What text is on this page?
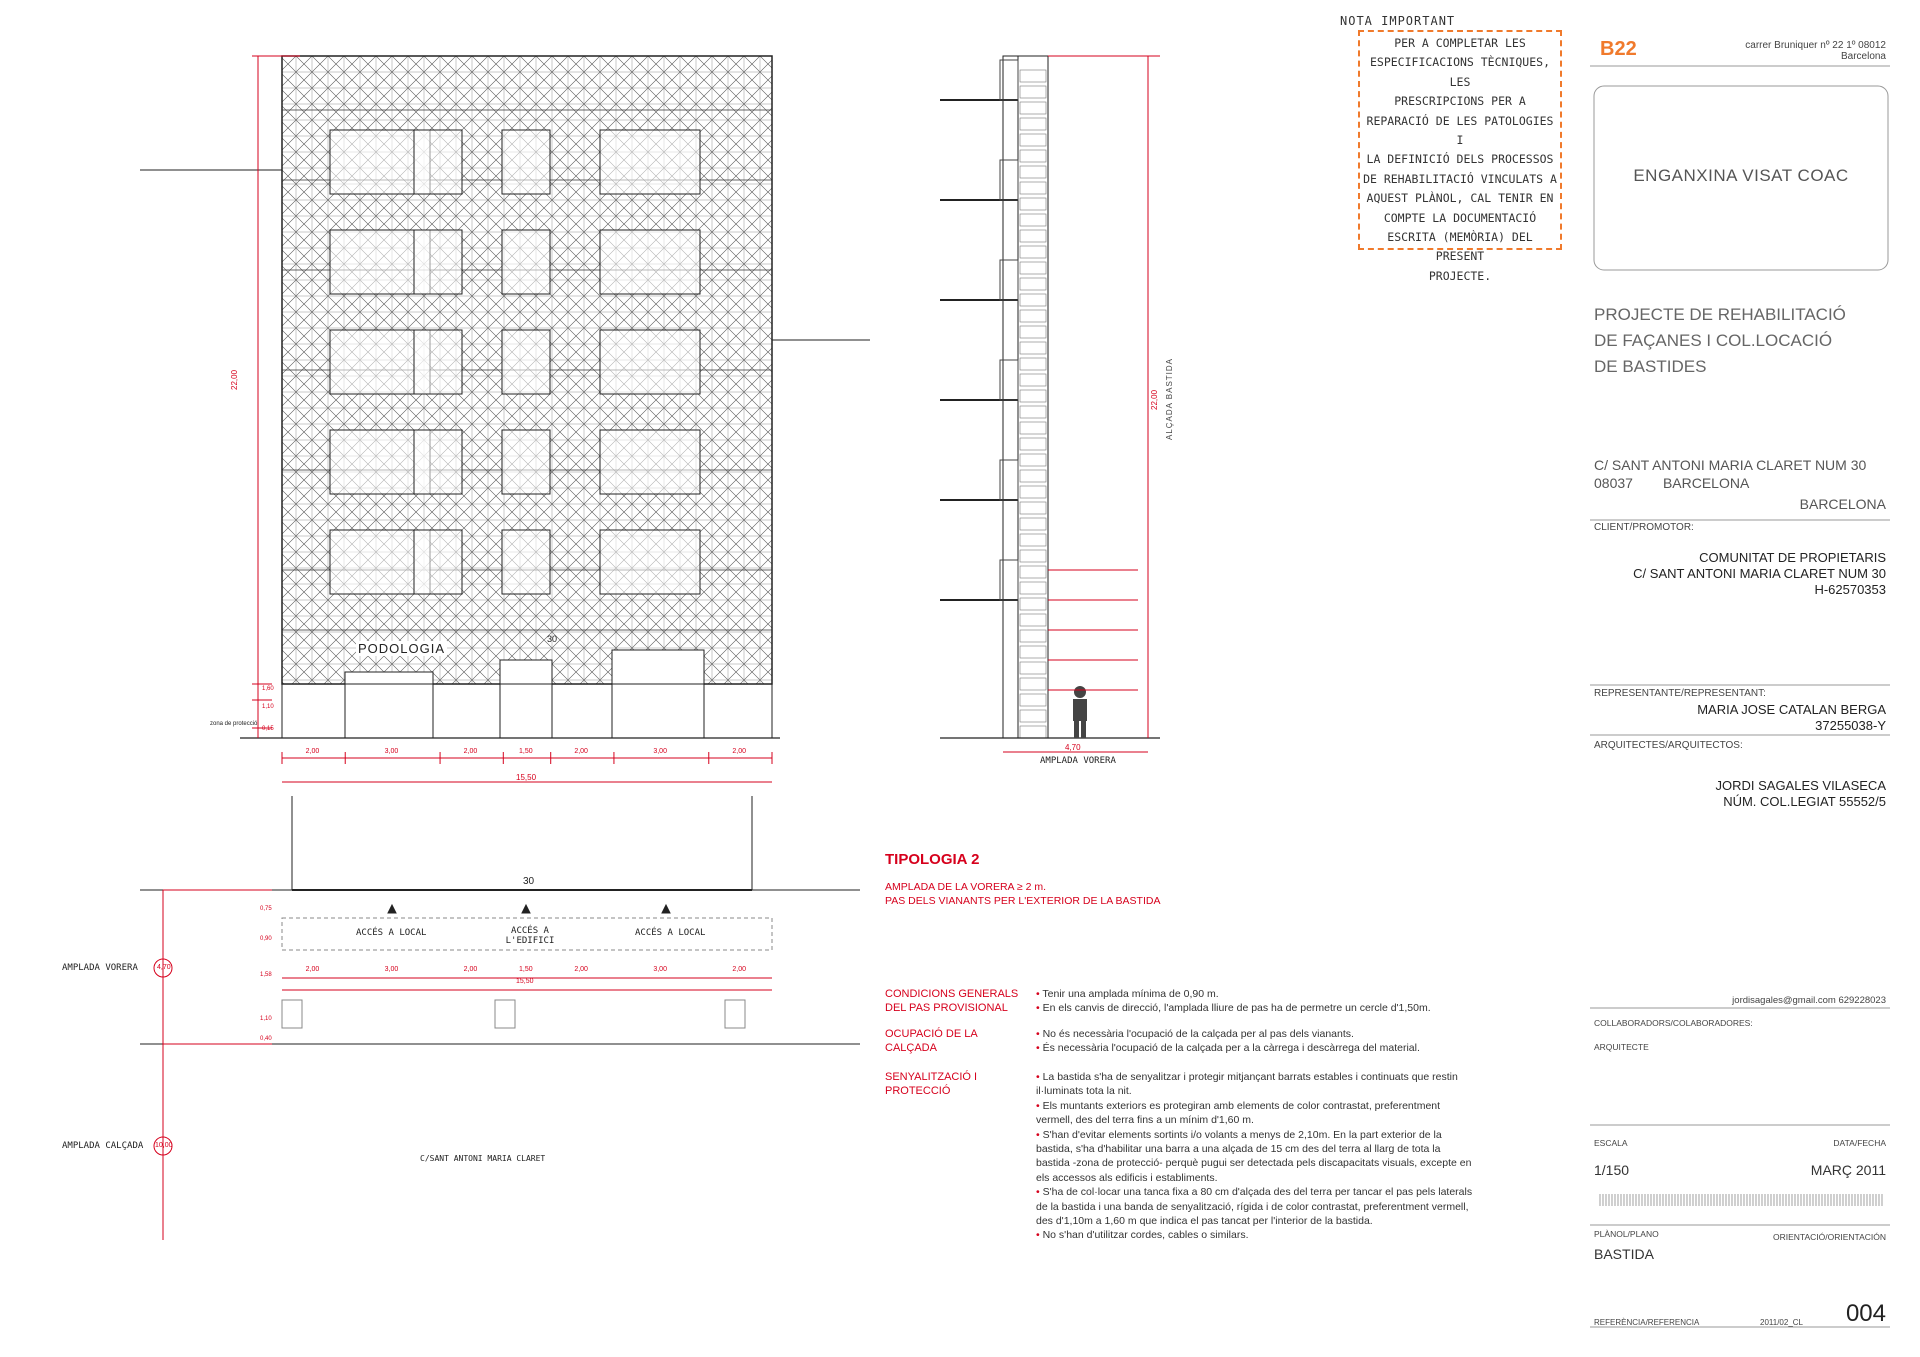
NOTA IMPORTANT
PER A COMPLETAR LES
ESPECIFICACIONS TÈCNIQUES, LES
PRESCRIPCIONS PER A
REPARACIÓ DE LES PATOLOGIES I
LA DEFINICIÓ DELS PROCESSOS
DE REHABILITACIÓ VINCULATS A
AQUEST PLÀNOL, CAL TENIR EN
COMPTE LA DOCUMENTACIÓ
ESCRITA (MEMÒRIA) DEL PRESENT
PROJECTE.
B22	carrer Bruniquer nº 22 1º 08012
Barcelona
ENGANXINA VISAT COAC
PROJECTE DE REHABILITACIÓ
DE FAÇANES I COL.LOCACIÓ
DE BASTIDES
C/ SANT ANTONI MARIA CLARET NUM 30
08037 BARCELONA
BARCELONA
CLIENT/PROMOTOR:
COMUNITAT DE PROPIETARIS
C/ SANT ANTONI MARIA CLARET NUM 30
H-62570353
REPRESENTANTE/REPRESENTANT:
MARIA JOSE CATALAN BERGA
37255038-Y
ARQUITECTES/ARQUITECTOS:
JORDI SAGALES VILASECA
NÚM. COL.LEGIAT 55552/5
jordisagales@gmail.com 629228023
COLLABORADORS/COLABORADORES:
ARQUITECTE
ESCALA	DATA/FECHA
1/150	MARÇ 2011
PLÀNOL/PLANO	ORIENTACIÓ/ORIENTACIÓN
BASTIDA
REFERÈNCIA/REFERENCIA	2011/02_CL 004
22,00
PODOLOGIA
30
zona de protecció
1,60
1,10
0,15
2,00	3,00	2,00	1,50	2,00	3,00	2,00
15,50
22,00 ALÇADA BASTIDA
4,70
AMPLADA VORERA
30
ACCÉS A LOCAL	ACCÉS A L'EDIFICI
ACCÉS A LOCAL
2,00	3,00	2,00	1,50	2,00	3,00	2,00
15,50
0,75
0,90
1,58
1,10
0,40
AMPLADA VORERA	4,70
AMPLADA CALÇADA 10,00
C/SANT ANTONI MARIA CLARET
TIPOLOGIA 2
AMPLADA DE LA VORERA ≥ 2 m.
PAS DELS VIANANTS PER L'EXTERIOR DE LA BASTIDA
CONDICIONS GENERALS DEL PAS PROVISIONAL
• Tenir una amplada mínima de 0,90 m.
• En els canvis de direcció, l'amplada lliure de pas ha de permetre un cercle d'1,50m.
OCUPACIÓ DE LA CALÇADA
• No és necessària l'ocupació de la calçada per al pas dels vianants.
• És necessària l'ocupació de la calçada per a la càrrega i descàrrega del material.
SENYALITZACIÓ I PROTECCIÓ
• La bastida s'ha de senyalitzar i protegir mitjançant barrats estables i continuats que restin il·luminats tota la nit.
• Els muntants exteriors es protegiran amb elements de color contrastat, preferentment vermell, des del terra fins a un mínim d'1,60 m.
• S'han d'evitar elements sortints i/o volants a menys de 2,10m. En la part exterior de la bastida, s'ha d'habilitar una barra a una alçada de 15 cm des del terra al llarg de tota la bastida -zona de protecció- perquè pugui ser detectada pels discapacitats visuals, excepte en els accessos als edificis i establiments.
• S'ha de col·locar una tanca fixa a 80 cm d'alçada des del terra per tancar el pas pels laterals de la bastida i una banda de senyalització, rígida i de color contrastat, preferentment vermell, des d'1,10m a 1,60 m que indica el pas tancat per l'interior de la bastida.
• No s'han d'utilitzar cordes, cables o similars.
